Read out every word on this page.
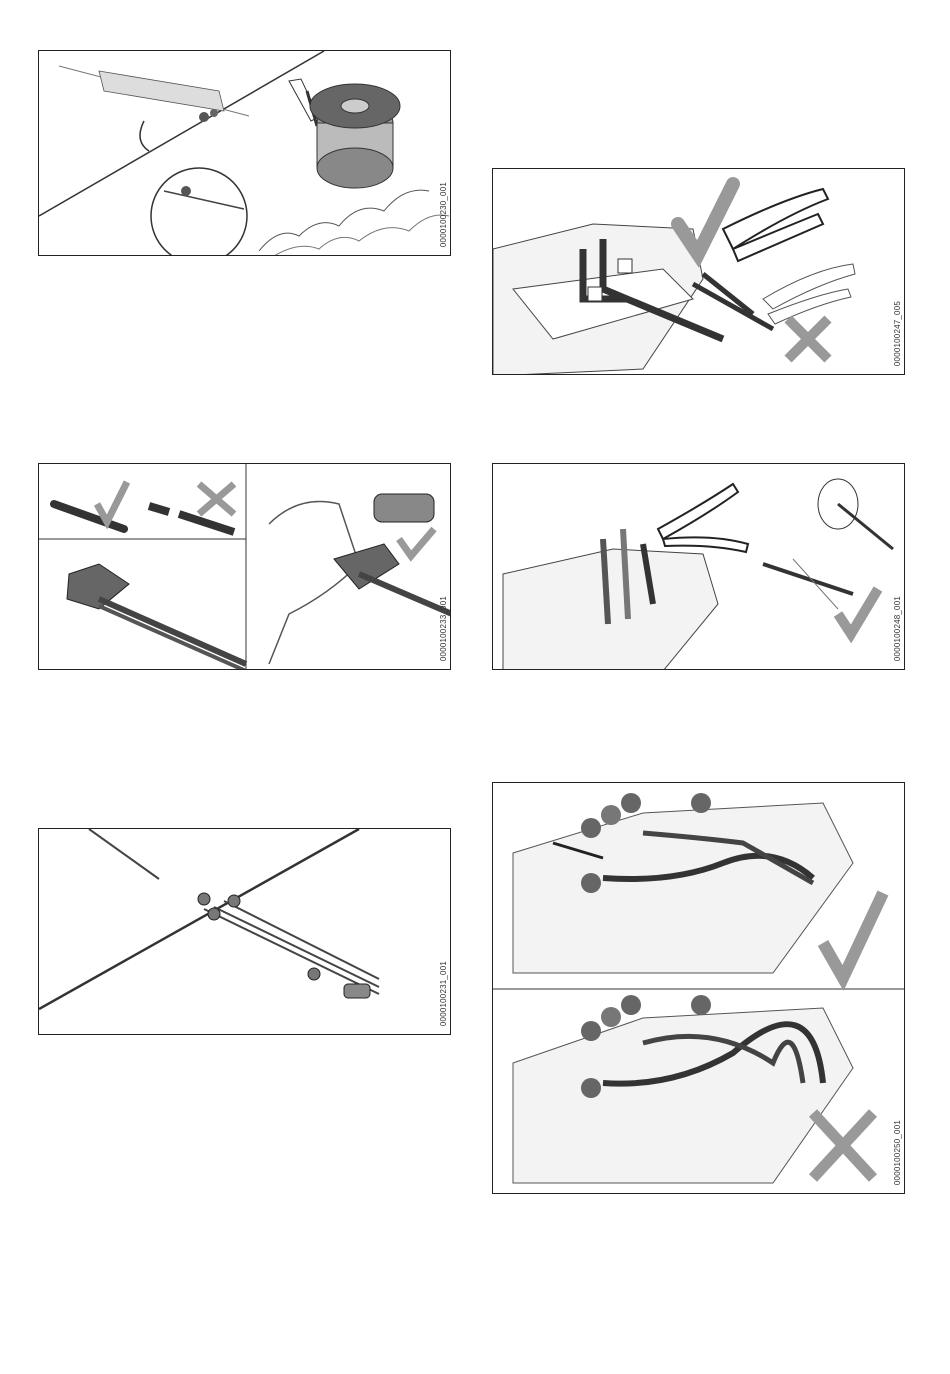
0000100230_001
0000100247_005
0000100233_001	0000100248_001
0000100231_001
0000100250_001
